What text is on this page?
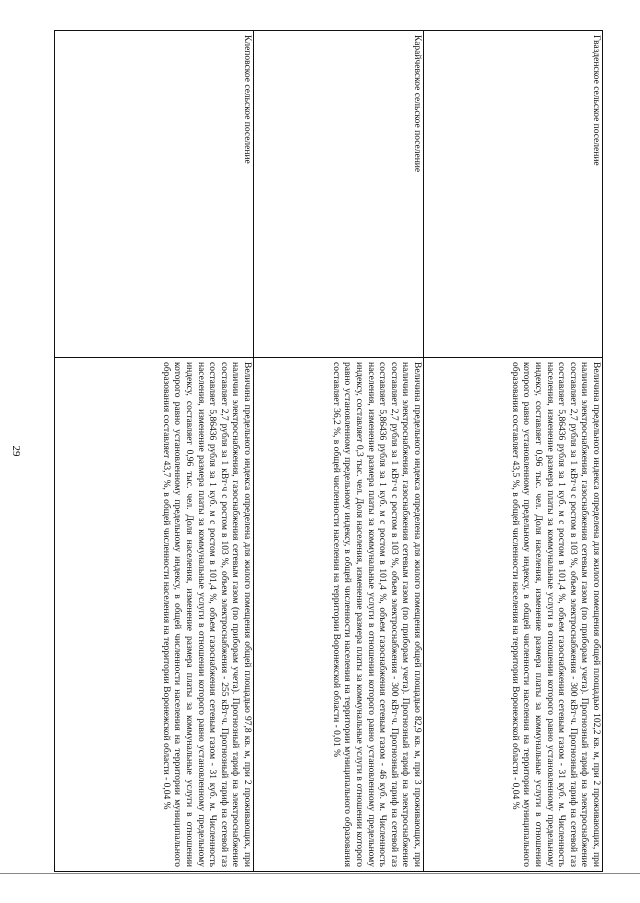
29
Гвазденское сельское поселение	Величина предельного индекса определена для жилого помещения общей площадью 102,2 кв. м, при 2 проживающих, при наличии электроснабжения, газоснабжения сетевым газом (по приборам учета). Прогнозный тариф на электроснабжение составляет 2,7 рубля за 1 кВт·ч с ростом в 103 %, объем электроснабжения - 300 кВт·ч. Прогнозный тариф на сетевой газ составляет 5,86436 рубля за 1 куб. м с ростом в 101,4 %, объем газоснабжения сетевым газом - 31 куб. м. Численность населения, изменение размера платы за коммунальные услуги в отношении которого равно установленному предельному индексу, составляет 0,96 тыс. чел. Доля населения, изменение размера платы за коммунальные услуги в отношении которого равно установленному предельному индексу, в общей численности населения на территории муниципального образования составляет 43,5 %, в общей численности населения на территории Воронежской области - 0,04 %
Карайчевское сельское поселение	Величина предельного индекса определена для жилого помещения общей площадью 82,9 кв. м, при 3 проживающих, при наличии электроснабжения, газоснабжения сетевым газом (по приборам учета). Прогнозный тариф на электроснабжение составляет 2,7 рубля за 1 кВт·ч с ростом в 103 %, объем электроснабжения - 300 кВт·ч. Прогнозный тариф на сетевой газ составляет 5,86436 рубля за 1 куб. м с ростом в 101,4 %, объем газоснабжения сетевым газом - 46 куб. м. Численность населения, изменение размера платы за коммунальные услуги в отношении которого равно установленному предельному индексу, составляет 0,3 тыс. чел. Доля населения, изменение размера платы за коммунальные услуги в отношении которого равно установленному предельному индексу, в общей численности населения на территории муниципального образования составляет 36,2 %, в общей численности населения на территории Воронежской области - 0,01 %
Клепов​ское сельское поселение	Величина предельного индекса определена для жилого помещения общей площадью 97,8 кв. м, при 2 проживающих, при наличии электроснабжения, газоснабжения сетевым газом (по приборам учета). Прогнозный тариф на электроснабжение составляет 2,7 рубля за 1 кВт·ч с ростом в 103 %, объем электроснабжения - 255 кВт·ч. Прогнозный тариф на сетевой газ составляет 5,86436 рубля за 1 куб. м с ростом в 101,4 %, объем газоснабжения сетевым газом - 31 куб. м. Численность населения, изменение размера платы за коммунальные услуги в отношении которого равно установленному предельному индексу, составляет 0,96 тыс. чел. Доля населения, изменение размера платы за коммунальные услуги в отношении которого равно установленному предельному индексу, в общей численности населения на территории муниципального образования составляет 43,7 %, в общей численности населения на территории Воронежской области - 0,04 %
